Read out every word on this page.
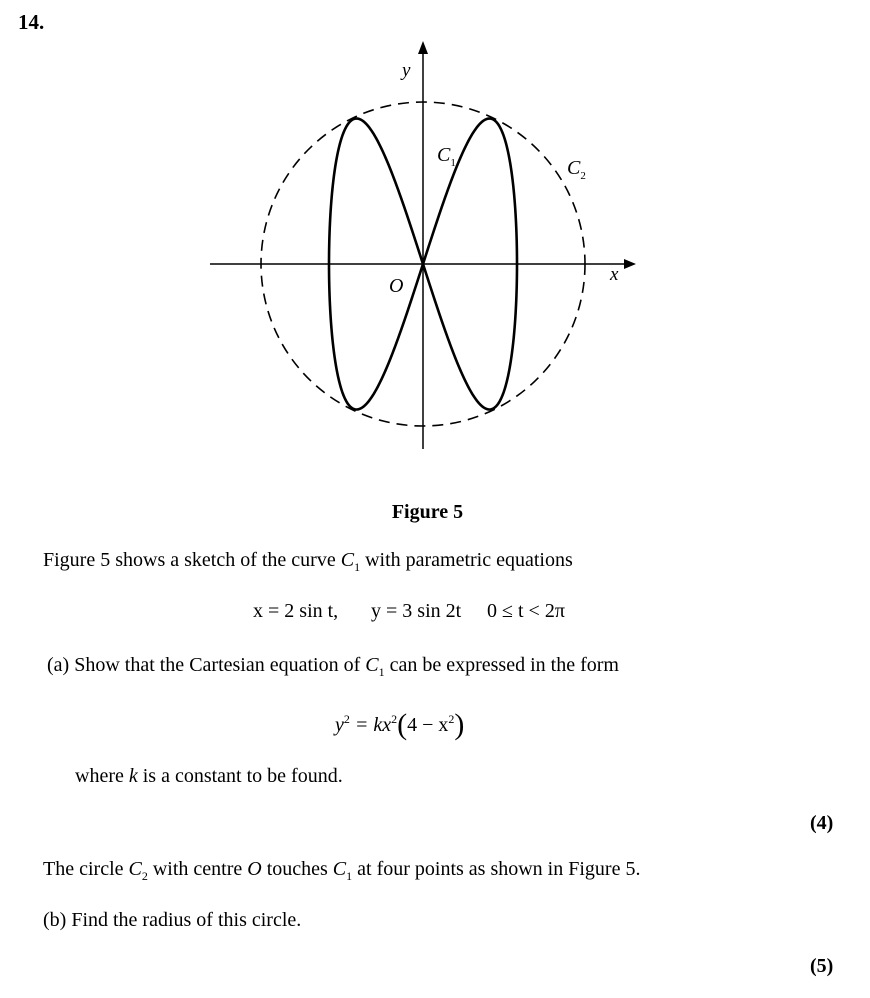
14.
y
x
O
$C_1$	$C_2$
Figure 5
Figure 5 shows a sketch of the curve $C_1$ with parametric equations
x = 2 sin t, y = 3 sin 2t 0 ≤ t < 2π
(a) Show that the Cartesian equation of $C_1$ can be expressed in the form
$y^2 = kx^2(4 - x^2)$
where k is a constant to be found.
(4)
The circle $C_2$ with centre O touches $C_1$ at four points as shown in Figure 5.
(b) Find the radius of this circle.
(5)
